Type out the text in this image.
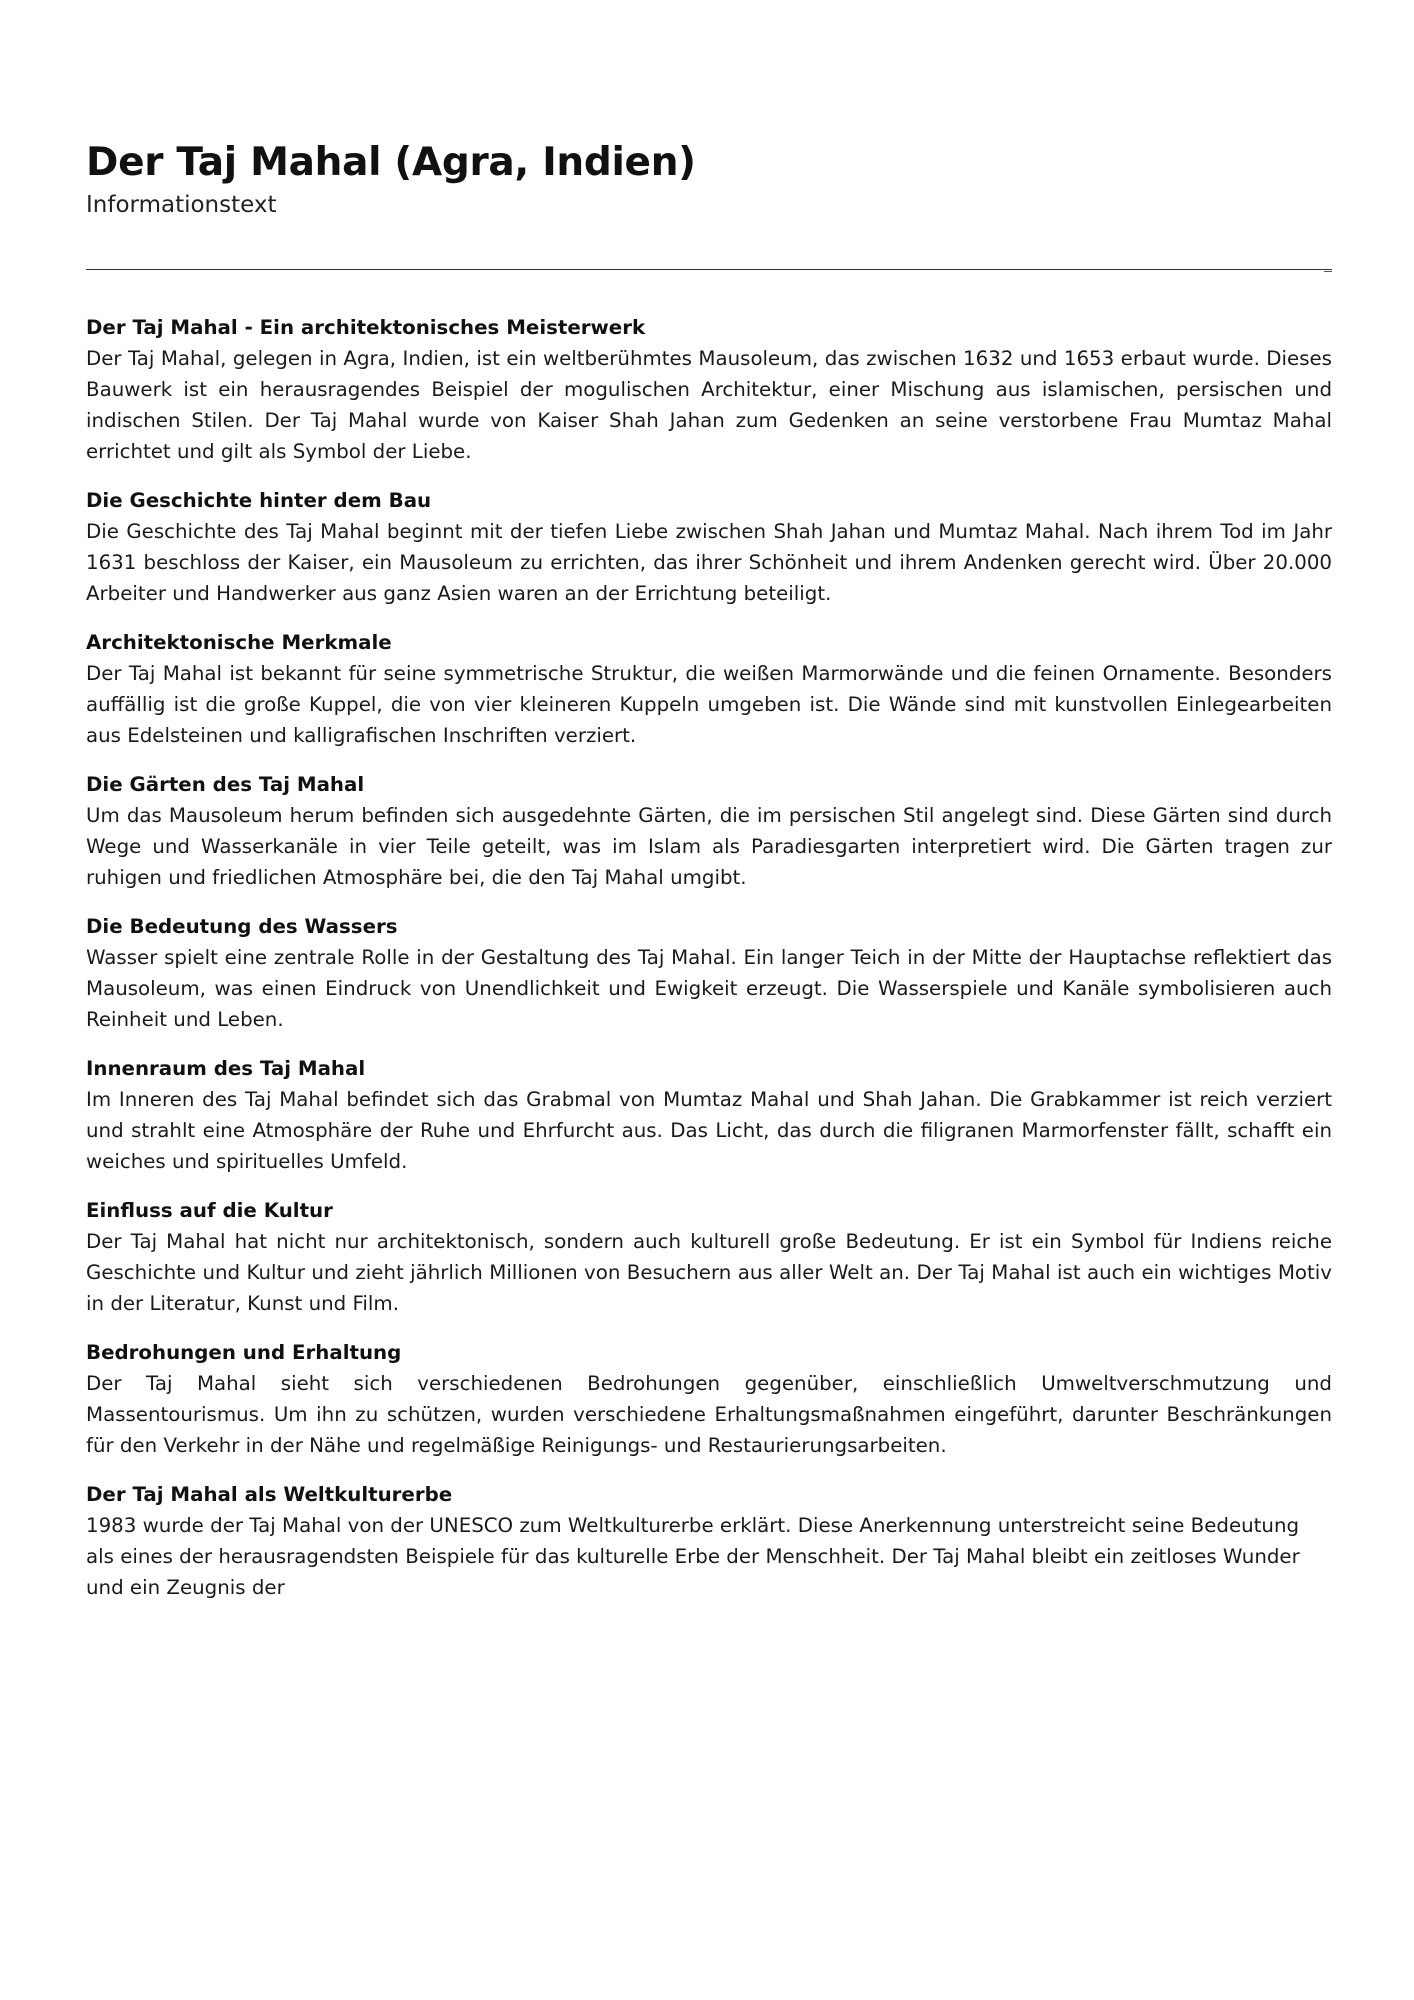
Der Taj Mahal (Agra, Indien)
Informationstext
Der Taj Mahal - Ein architektonisches Meisterwerk

Der Taj Mahal, gelegen in Agra, Indien, ist ein weltberühmtes Mausoleum, das zwischen 1632 und 1653 erbaut wurde. Dieses Bauwerk ist ein herausragendes Beispiel der mogulischen Architektur, einer Mischung aus islamischen, persischen und indischen Stilen. Der Taj Mahal wurde von Kaiser Shah Jahan zum Gedenken an seine verstorbene Frau Mumtaz Mahal errichtet und gilt als Symbol der Liebe.

Die Geschichte hinter dem Bau

Die Geschichte des Taj Mahal beginnt mit der tiefen Liebe zwischen Shah Jahan und Mumtaz Mahal. Nach ihrem Tod im Jahr 1631 beschloss der Kaiser, ein Mausoleum zu errichten, das ihrer Schönheit und ihrem Andenken gerecht wird. Über 20.000 Arbeiter und Handwerker aus ganz Asien waren an der Errichtung beteiligt.

Architektonische Merkmale

Der Taj Mahal ist bekannt für seine symmetrische Struktur, die weißen Marmorwände und die feinen Ornamente. Besonders auffällig ist die große Kuppel, die von vier kleineren Kuppeln umgeben ist. Die Wände sind mit kunstvollen Einlegearbeiten aus Edelsteinen und kalligrafischen Inschriften verziert.

Die Gärten des Taj Mahal

Um das Mausoleum herum befinden sich ausgedehnte Gärten, die im persischen Stil angelegt sind. Diese Gärten sind durch Wege und Wasserkanäle in vier Teile geteilt, was im Islam als Paradiesgarten interpretiert wird. Die Gärten tragen zur ruhigen und friedlichen Atmosphäre bei, die den Taj Mahal umgibt.

Die Bedeutung des Wassers

Wasser spielt eine zentrale Rolle in der Gestaltung des Taj Mahal. Ein langer Teich in der Mitte der Hauptachse reflektiert das Mausoleum, was einen Eindruck von Unendlichkeit und Ewigkeit erzeugt. Die Wasserspiele und Kanäle symbolisieren auch Reinheit und Leben.

Innenraum des Taj Mahal

Im Inneren des Taj Mahal befindet sich das Grabmal von Mumtaz Mahal und Shah Jahan. Die Grabkammer ist reich verziert und strahlt eine Atmosphäre der Ruhe und Ehrfurcht aus. Das Licht, das durch die filigranen Marmorfenster fällt, schafft ein weiches und spirituelles Umfeld.

Einfluss auf die Kultur

Der Taj Mahal hat nicht nur architektonisch, sondern auch kulturell große Bedeutung. Er ist ein Symbol für Indiens reiche Geschichte und Kultur und zieht jährlich Millionen von Besuchern aus aller Welt an. Der Taj Mahal ist auch ein wichtiges Motiv in der Literatur, Kunst und Film.

Bedrohungen und Erhaltung

Der Taj Mahal sieht sich verschiedenen Bedrohungen gegenüber, einschließlich Umweltverschmutzung und Massentourismus. Um ihn zu schützen, wurden verschiedene Erhaltungsmaßnahmen eingeführt, darunter Beschränkungen für den Verkehr in der Nähe und regelmäßige Reinigungs- und Restaurierungsarbeiten.

Der Taj Mahal als Weltkulturerbe

1983 wurde der Taj Mahal von der UNESCO zum Weltkulturerbe erklärt. Diese Anerkennung unterstreicht seine Bedeutung als eines der herausragendsten Beispiele für das kulturelle Erbe der Menschheit. Der Taj Mahal bleibt ein zeitloses Wunder und ein Zeugnis der
